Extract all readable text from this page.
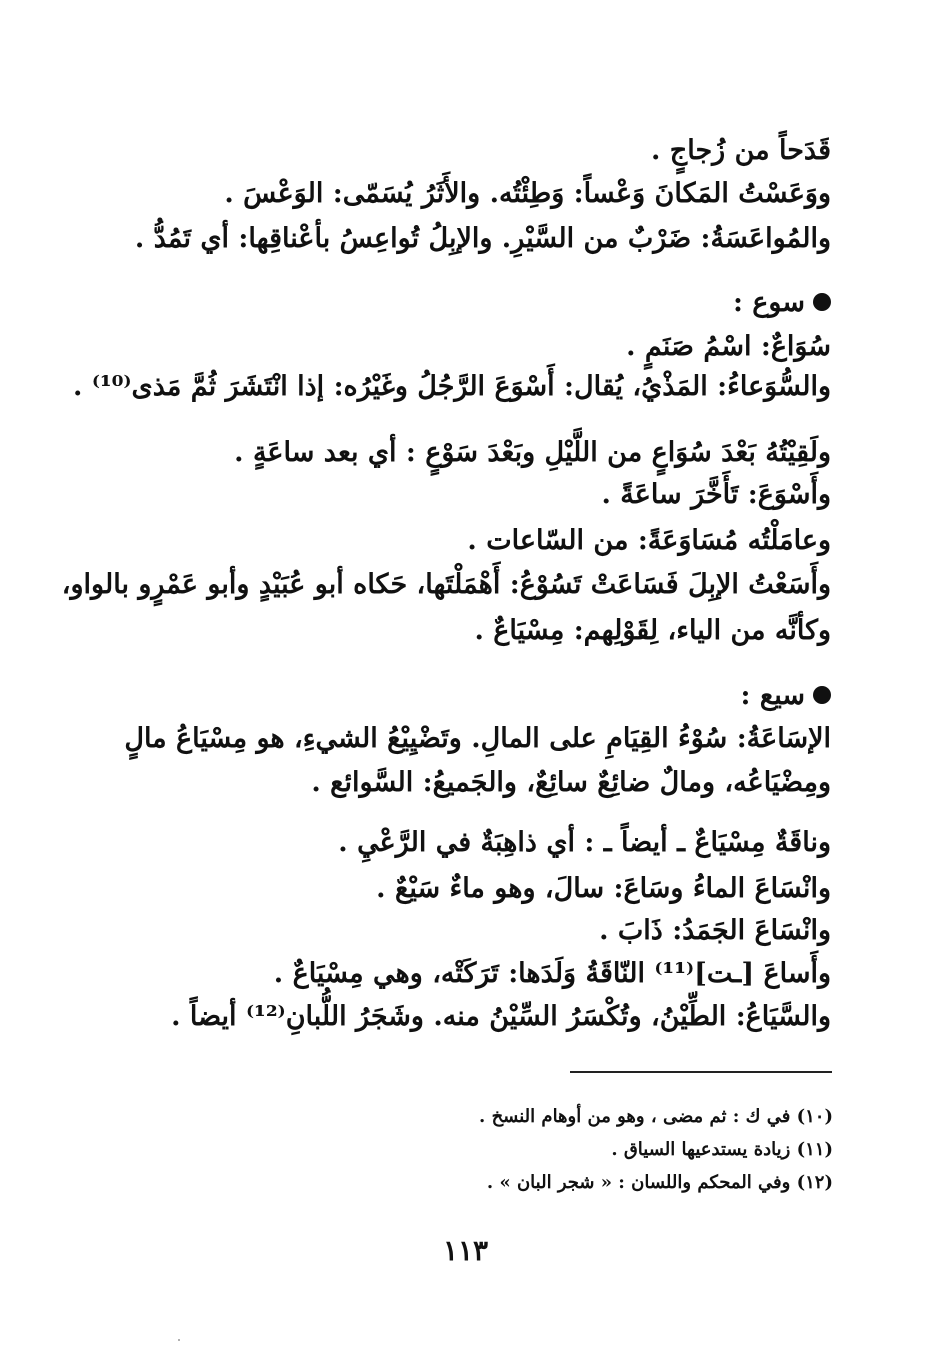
قَدَحاً من زُجاجٍ .
ووَعَسْتُ المَكانَ وَعْساً: وَطِئْتُه. والأَثَرُ يُسَمّى: الوَعْسَ .
والمُواعَسَةُ: ضَرْبٌ من السَّيْرِ. والإبِلُ تُواعِسُ بأعْناقِها: أي تَمُدُّ .
سوع :
سُوَاعٌ: اسْمُ صَنَمٍ .
والسُّوَعاءُ: المَذْيُ، يُقال: أَسْوَعَ الرَّجُلُ وغَيْرُه: إذا انْتَشَرَ ثُمَّ مَذى⁽¹⁰⁾ .
ولَقِيْتُهُ بَعْدَ سُوَاعٍ من اللَّيْلِ وبَعْدَ سَوْعٍ : أي بعد ساعَةٍ .
وأَسْوَعَ: تَأَخَّرَ ساعَةً .
وعامَلْتُه مُسَاوَعَةً: من السّاعات .
وأَسَعْتُ الإبِلَ فَسَاعَتْ تَسُوْعُ: أَهْمَلْتَها، حَكاه أبو عُبَيْدٍ وأبو عَمْرٍو بالواو،
وكأنَّه من الياء، لِقَوْلِهم: مِسْيَاعٌ .
سيع :
الإسَاعَةُ: سُوْءُ القِيَامِ على المالِ. وتَضْيِيْعُ الشيءِ، هو مِسْيَاعُ مالٍ
ومِضْيَاعُه، ومالٌ ضائِعٌ سائِعٌ، والجَميعُ: السَّوائع .
وناقَةٌ مِسْيَاعٌ ـ أيضاً ـ : أي ذاهِبَةٌ في الرَّعْيِ .
وانْسَاعَ الماءُ وسَاعَ: سالَ، وهو ماءٌ سَيْعٌ .
وانْسَاعَ الجَمَدُ: ذَابَ .
وأَساعَ [ـت]⁽¹¹⁾ النّاقَةُ وَلَدَها: تَرَكَتْه، وهي مِسْيَاعٌ .
والسَّيَاعُ: الطِّيْنُ، وتُكْسَرُ السِّيْنُ منه. وشَجَرُ اللُّبانِ⁽¹²⁾ أيضاً .
(١٠) في ك : ثم مضى ، وهو من أوهام النسخ .
(١١) زيادة يستدعيها السياق .
(١٢) وفي المحكم واللسان : « شجر البان » .
١١٣
